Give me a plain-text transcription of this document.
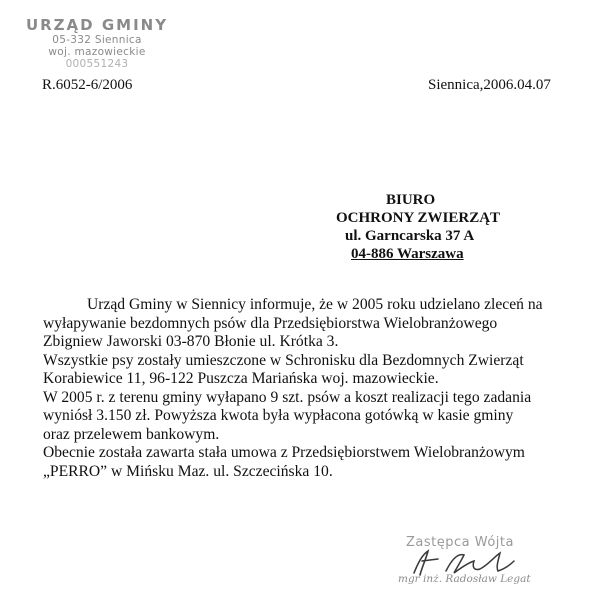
URZĄD GMINY
05-332 Siennica
woj. mazowieckie
000551243
R.6052-6/2006	Siennica,2006.04.07
BIURO
OCHRONY ZWIERZĄT
ul. Garncarska 37 A
04-886 Warszawa

Urząd Gminy w Siennicy informuje, że w 2005 roku udzielano zleceń na

wyłapywanie bezdomnych psów dla Przedsiębiorstwa Wielobranżowego

Zbigniew Jaworski 03-870 Błonie ul. Krótka 3.

Wszystkie psy zostały umieszczone w Schronisku dla Bezdomnych Zwierząt

Korabiewice 11, 96-122 Puszcza Mariańska woj. mazowieckie.

W 2005 r. z terenu gminy wyłapano 9 szt. psów a koszt realizacji tego zadania

wyniósł 3.150 zł. Powyższa kwota była wypłacona gotówką w kasie gminy

oraz przelewem bankowym.

Obecnie została zawarta stała umowa z Przedsiębiorstwem Wielobranżowym

„PERRO” w Mińsku Maz. ul. Szczecińska 10.

Zastępca Wójta
mgr inż. Radosław Legat
